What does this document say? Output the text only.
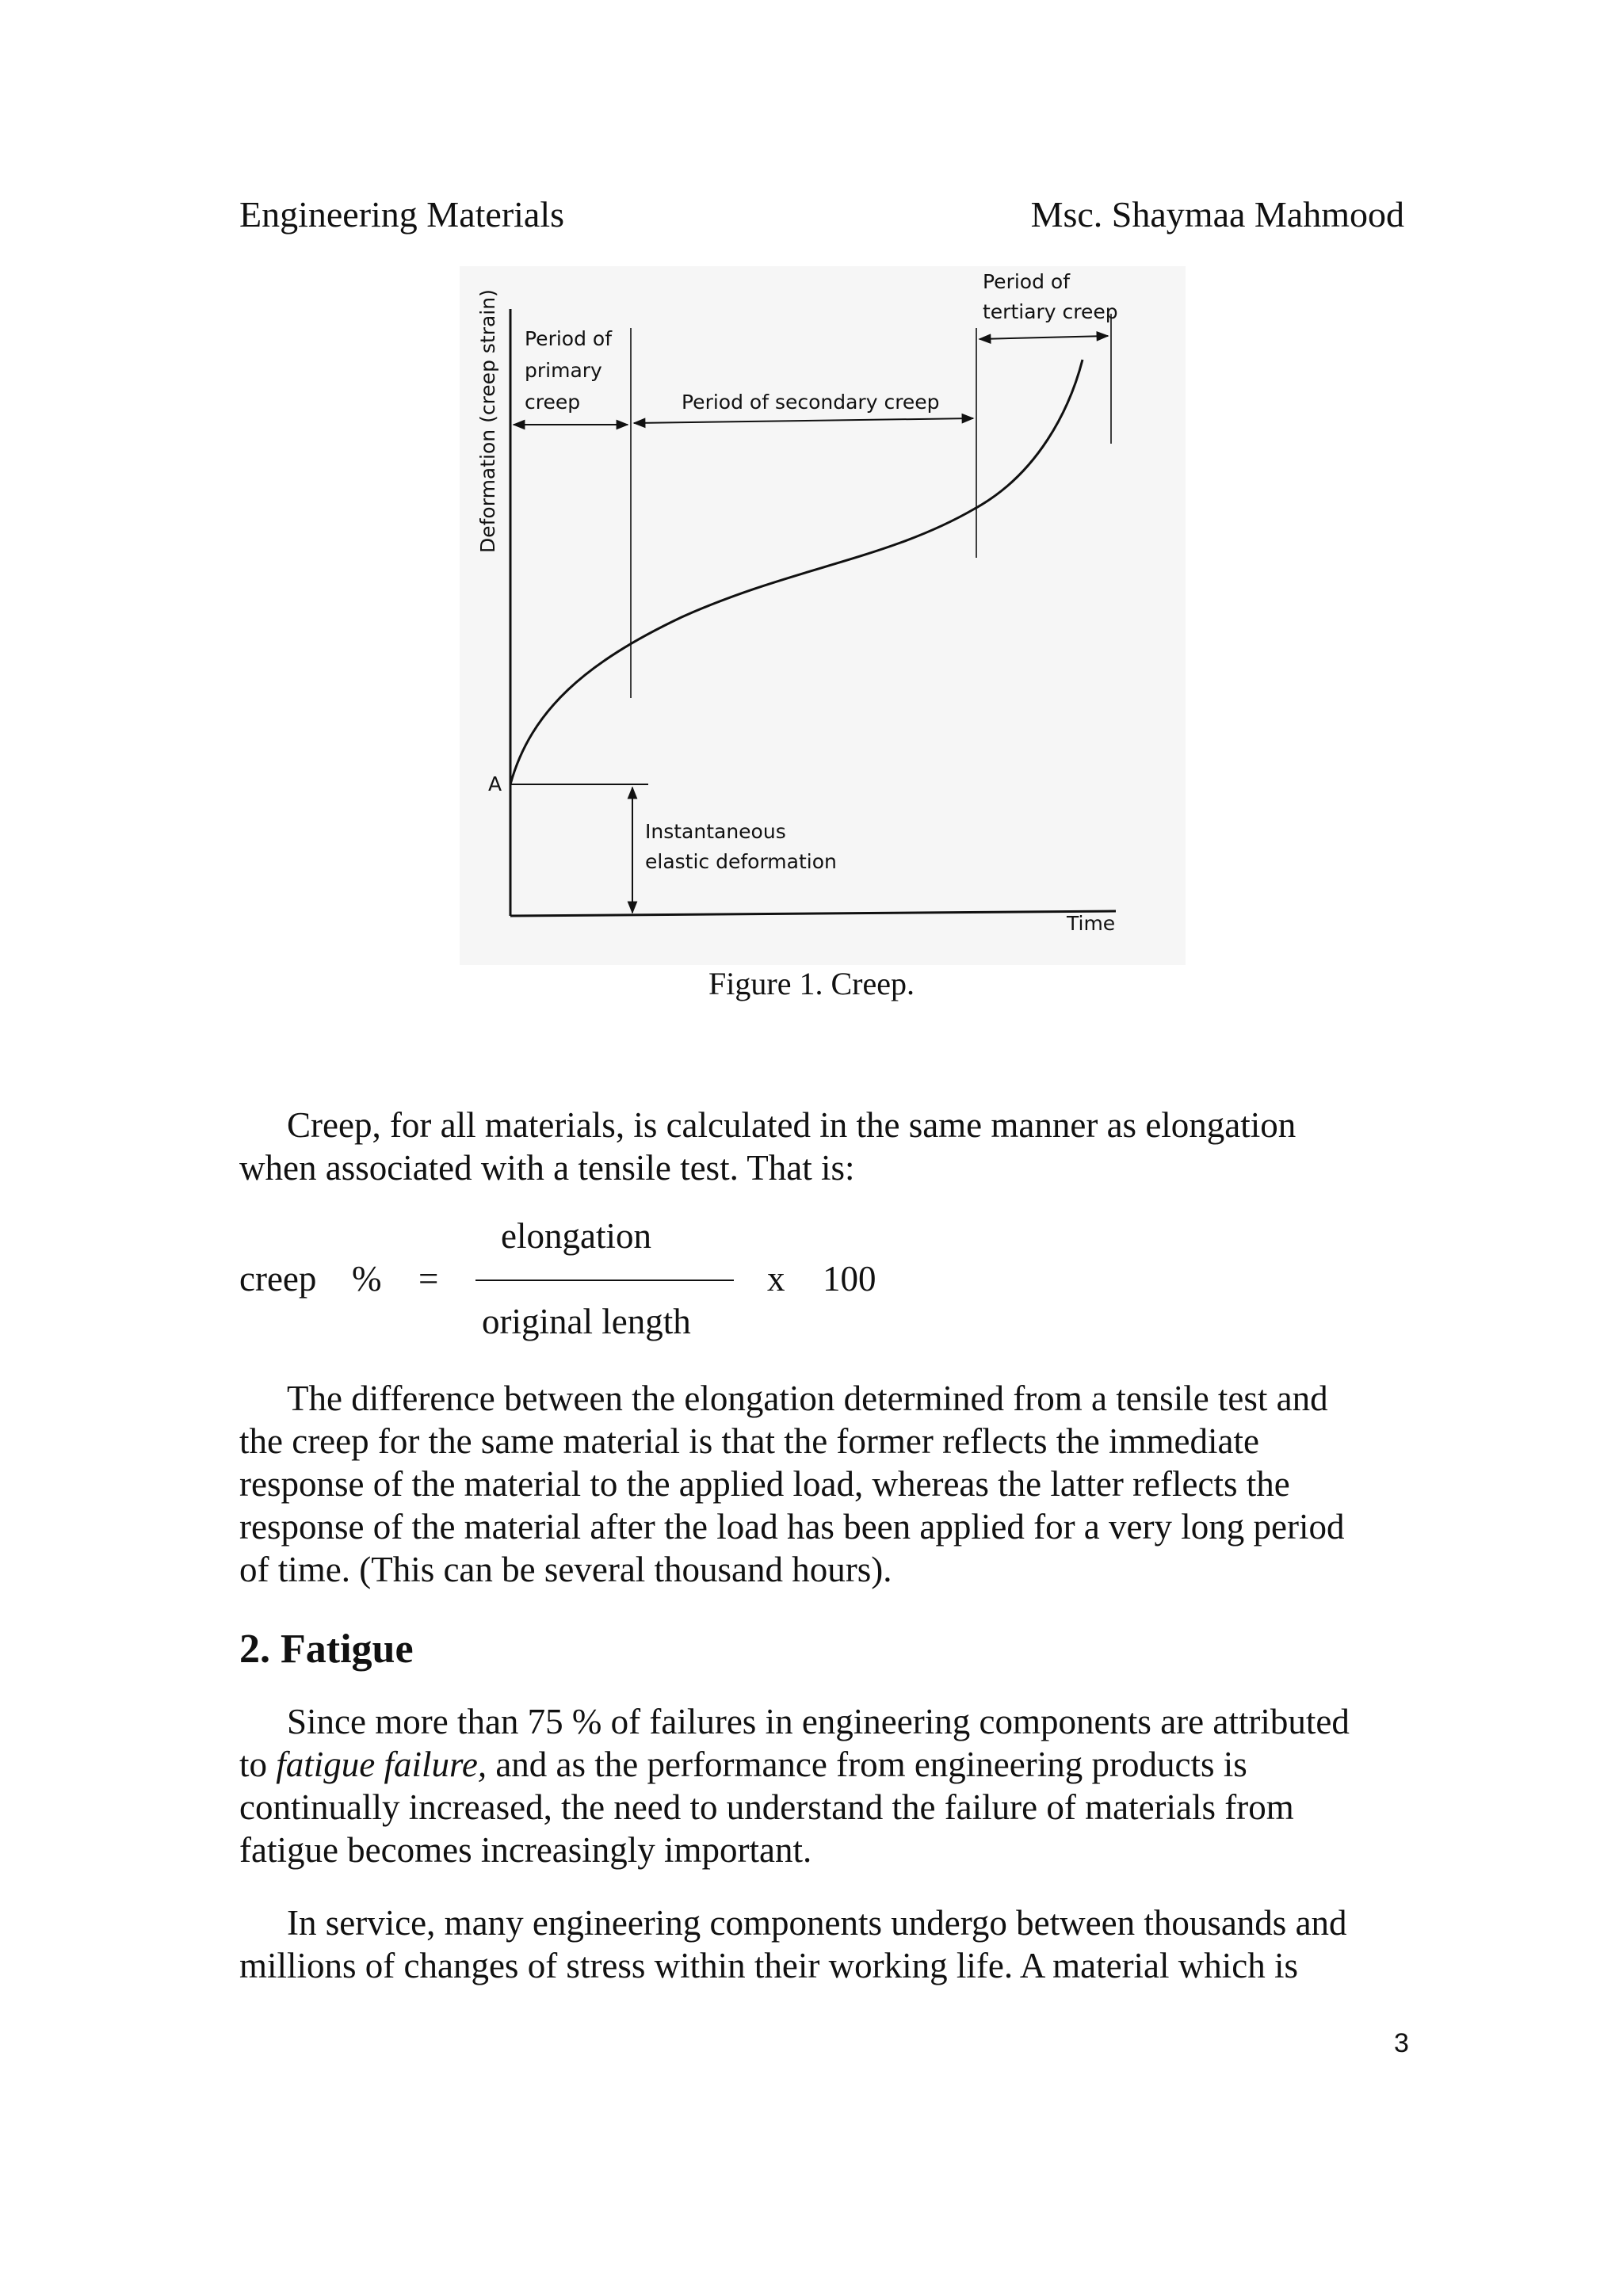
Engineering Materials	Msc. Shaymaa Mahmood
Deformation (creep strain)
Time
A
Period of
primary
creep	Period of secondary creep
Period of
tertiary creep
Instantaneous
elastic deformation
Figure 1. Creep.

Creep, for all materials, is calculated in the same manner as elongation
when associated with a tensile test. That is:

creep % =
elongation
original length
x 100

The difference between the elongation determined from a tensile test and
the creep for the same material is that the former reflects the immediate
response of the material to the applied load, whereas the latter reflects the
response of the material after the load has been applied for a very long period
of time. (This can be several thousand hours).

2. Fatigue

Since more than 75 % of failures in engineering components are attributed
to fatigue failure, and as the performance from engineering products is
continually increased, the need to understand the failure of materials from
fatigue becomes increasingly important.

In service, many engineering components undergo between thousands and
millions of changes of stress within their working life. A material which is

3
